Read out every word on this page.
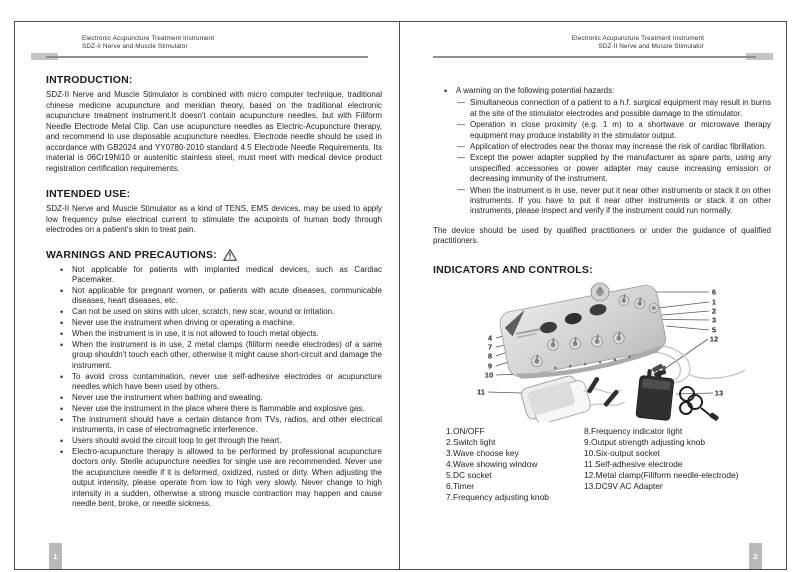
Electronic Acupuncture Treatment Instrument
SDZ-II Nerve and Muscle Stimulator
INTRODUCTION:

SDZ-II Nerve and Muscle Stimulator is combined with micro computer technique, traditional chinese medicine acupuncture and meridian theory, based on the traditional electronic acupuncture treatment instrument.It doesn't contain acupuncture needles, but with Filiform Needle Electrode Metal Clip. Can use acupuncture needles as Electric-Acupuncture therapy, and recommend to use disposable acupuncture needles. Electrode needle should be used in accordance with GB2024 and YY0780-2010 standard 4.5 Electrode Needle Requirements. Its material is 06Cr19Ni10 or austenitic stainless steel, must meet with medical device product registration certification requirements.

INTENDED USE:

SDZ-II Nerve and Muscle Stimulator as a kind of TENS, EMS devices, may be used to apply low frequency pulse electrical current to stimulate the acupoints of human body through electrodes on a patient's skin to treat pain.

WARNINGS AND PRECAUTIONS:
• Not applicable for patients with implanted medical devices, such as Cardiac Pacemaker.
• Not applicable for pregnant women, or patients with acute diseases, communicable diseases, heart diseases, etc.
• Can not be used on skins with ulcer, scratch, new scar, wound or irritation.
• Never use the instrument when driving or operating a machine.
• When the instrument is in use, it is not allowed to touch metal objects.
• When the instrument is in use, 2 metal clamps (filiform needle electrodes) of a same group shouldn't touch each other, otherwise it might cause short-circuit and damage the instrument.
• To avoid cross contamination, never use self-adhesive electrodes or acupuncture needles which have been used by others.
• Never use the instrument when bathing and sweating.
• Never use the instrument in the place where there is flammable and explosive gas.
• The instrument should have a certain distance from TVs, radios, and other electrical instruments, in case of electromagnetic interference.
• Users should avoid the circuit loop to get through the heart.
• Electro-acupuncture therapy is allowed to be performed by professional acupuncture doctors only. Sterile acupuncture needles for single use are recommended. Never use the acupuncture needle if it is deformed, oxidized, rusted or dirty. When adjusting the output intensity, please operate from low to high very slowly. Never change to high intensity in a sudden, otherwise a strong muscle contraction may happen and cause needle bent, broke, or needle sickness.
1
Electronic Acupuncture Treatment Instrument
SDZ-II Nerve and Muscle Stimulator
• A warning on the following potential hazards:
— Simultaneous connection of a patient to a h.f. surgical equipment may result in burns at the site of the stimulator electrodes and possible damage to the stimulator.
— Operation in close proximity (e.g. 1 m) to a shortwave or microwave therapy equipment may produce instability in the stimulator output.
— Application of electrodes near the thorax may increase the risk of cardiac fibrillation.
— Except the power adapter supplied by the manufacturer as spare parts, using any unspecified accessories or power adapter may cause increasing emission or decreasing immunity of the instrument.
— When the instrument is in use, never put it near other instruments or stack it on other instruments. If you have to put it near other instruments or stack it on other instruments, please inspect and verify if the instrument could run normally.

The device should be used by qualified practitioners or under the guidance of qualified practitioners.

INDICATORS AND CONTROLS:
6
1
2
3
5
12
13
4
7
8
9
10
11
1.ON/OFF
2.Switch light
3.Wave choose key
4.Wave showing window
5.DC socket
6.Timer
7.Frequency adjusting knob
8.Frequency indicator light
9.Output strength adjusting knob
10.Six-output socket
11.Self-adhesive electrode
12.Metal clamp(Filiform needle-electrode)
13.DC9V AC Adapter
2
